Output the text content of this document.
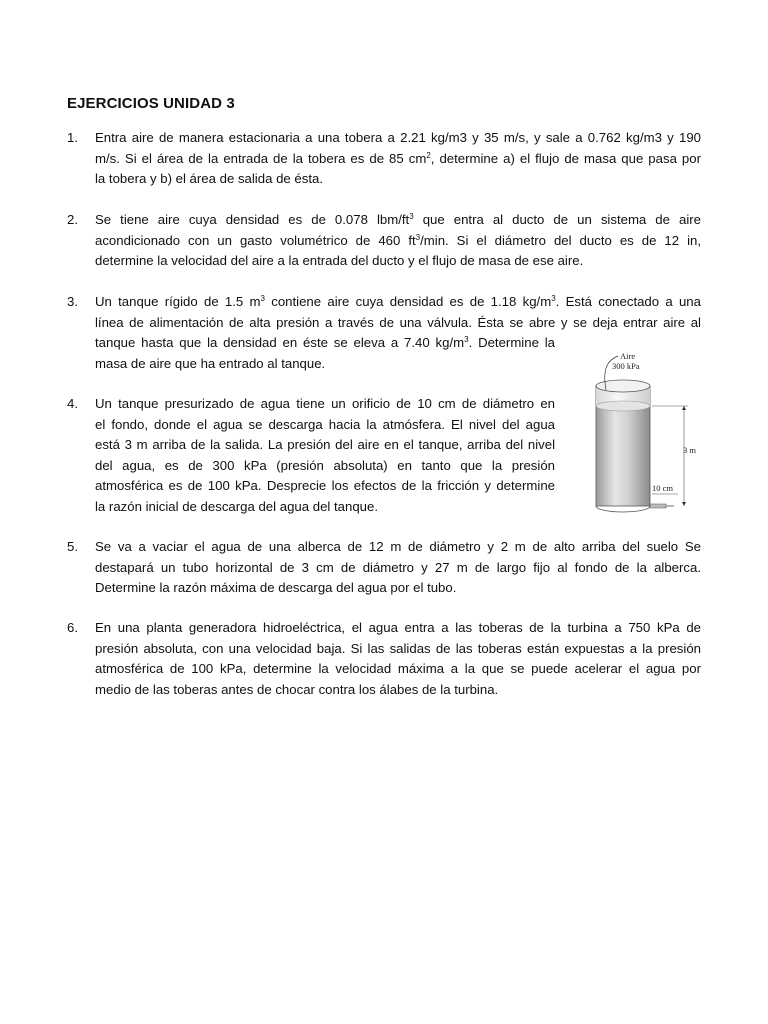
EJERCICIOS UNIDAD 3
1.	Entra aire de manera estacionaria a una tobera a 2.21 kg/m3 y 35 m/s, y sale a 0.762 kg/m3 y 190
m/s. Si el área de la entrada de la tobera es de 85 $cm^2$, determine a) el flujo de masa que pasa por
la tobera y b) el área de salida de ésta.
2.	Se tiene aire cuya densidad es de 0.078 lbm/$ft^3$ que entra al ducto de un sistema de aire
acondicionado con un gasto volumétrico de 460 $ft^3/\min$. Si el diámetro del ducto es de 12 in,
determine la velocidad del aire a la entrada del ducto y el flujo de masa de ese aire.
3.	Un tanque rígido de 1.5 $m^3$ contiene aire cuya densidad es de 1.18 $kg/m^3$. Está conectado a una
línea de alimentación de alta presión a través de una válvula. Ésta se abre y se deja entrar aire al
tanque hasta que la densidad en éste se eleva a 7.40 $kg/m^3$. Determine la
masa de aire que ha entrado al tanque.
4.	Un tanque presurizado de agua tiene un orificio de 10 cm de diámetro en
el fondo, donde el agua se descarga hacia la atmósfera. El nivel del agua
está 3 m arriba de la salida. La presión del aire en el tanque, arriba del nivel
del agua, es de 300 kPa (presión absoluta) en tanto que la presión
atmosférica es de 100 kPa. Desprecie los efectos de la fricción y determine
la razón inicial de descarga del agua del tanque.
Aire
300 kPa
3 m
10 cm
5.	Se va a vaciar el agua de una alberca de 12 m de diámetro y 2 m de alto arriba del suelo Se
destapará un tubo horizontal de 3 cm de diámetro y 27 m de largo fijo al fondo de la alberca.
Determine la razón máxima de descarga del agua por el tubo.
6.	En una planta generadora hidroeléctrica, el agua entra a las toberas de la turbina a 750 kPa de
presión absoluta, con una velocidad baja. Si las salidas de las toberas están expuestas a la presión
atmosférica de 100 kPa, determine la velocidad máxima a la que se puede acelerar el agua por
medio de las toberas antes de chocar contra los álabes de la turbina.
